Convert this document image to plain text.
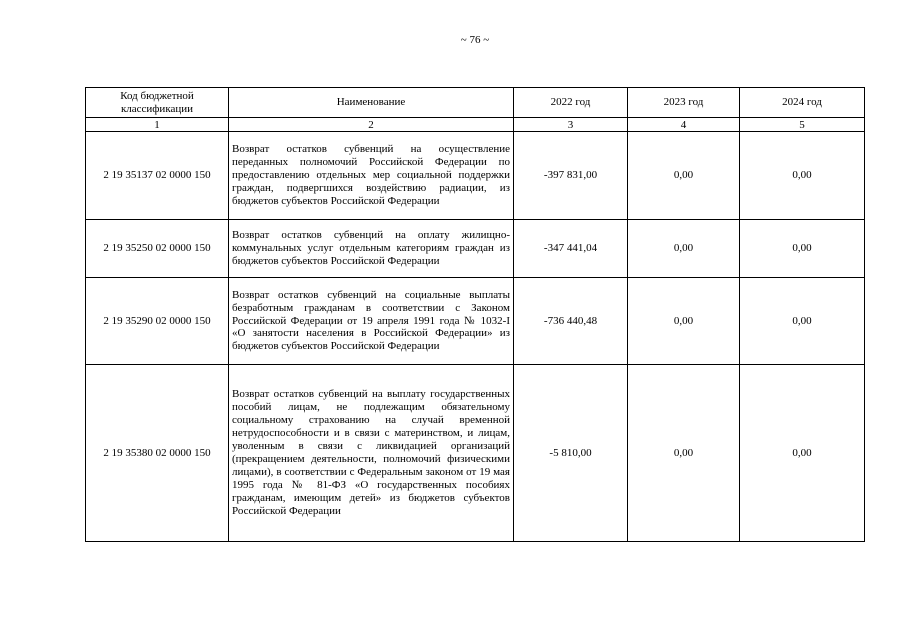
~ 76 ~
Код бюджетной классификации	Наименование	2022 год	2023 год	2024 год
1	2	3	4	5
2 19 35137 02 0000 150	Возврат остатков субвенций на осуществление переданных полномочий Российской Федерации по предоставлению отдельных мер социальной поддержки граждан, подвергшихся воздействию радиации, из бюджетов субъектов Российской Федерации	-397 831,00	0,00	0,00
2 19 35250 02 0000 150	Возврат остатков субвенций на оплату жилищно-коммунальных услуг отдельным категориям граждан из бюджетов субъектов Российской Федерации	-347 441,04	0,00	0,00
2 19 35290 02 0000 150	Возврат остатков субвенций на социальные выплаты безработным гражданам в соответствии с Законом Российской Федерации от 19 апреля 1991 года № 1032-I «О занятости населения в Российской Федерации» из бюджетов субъектов Российской Федерации	-736 440,48	0,00	0,00
2 19 35380 02 0000 150	Возврат остатков субвенций на выплату государственных пособий лицам, не подлежащим обязательному социальному страхованию на случай временной нетрудоспособности и в связи с материнством, и лицам, уволенным в связи с ликвидацией организаций (прекращением деятельности, полномочий физическими лицами), в соответствии с Федеральным законом от 19 мая 1995 года № 81-ФЗ «О государственных пособиях гражданам, имеющим детей» из бюджетов субъектов Российской Федерации	-5 810,00	0,00	0,00
